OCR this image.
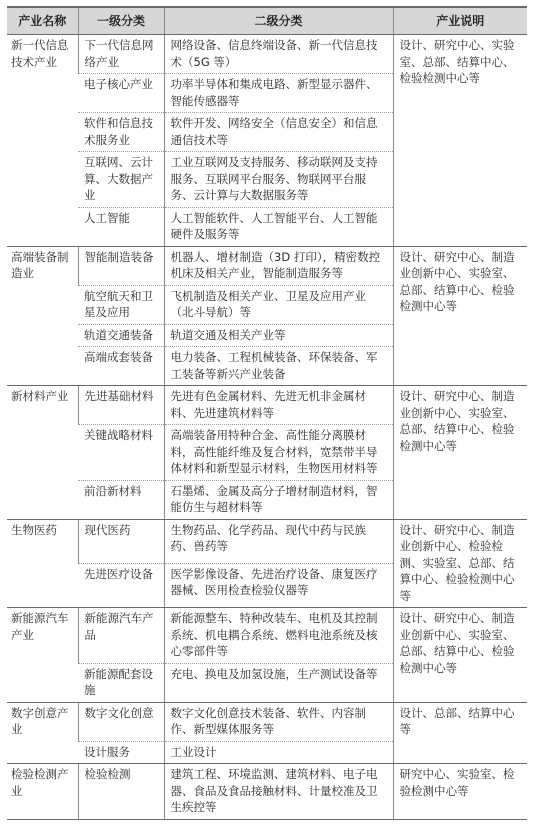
产业名称	一级分类	二级分类	产业说明
新一代信息技术产业	下一代信息网络产业	网络设备、信息终端设备、新一代信息技术（5G 等）	设计、研究中心、实验室、总部、结算中心、检验检测中心等
	电子核心产业	功率半导体和集成电路、新型显示器件、智能传感器等	
	软件和信息技术服务业	软件开发、网络安全（信息安全）和信息通信技术等	
	互联网、云计算、大数据产业	工业互联网及支持服务、移动联网及支持服务、互联网平台服务、物联网平台服务、云计算与大数据服务等	
	人工智能	人工智能软件、人工智能平台、人工智能硬件及服务等	
高端装备制造业	智能制造装备	机器人、增材制造（3D 打印），精密数控机床及相关产业，智能制造服务等	设计、研究中心、制造业创新中心、实验室、总部、结算中心、检验检测中心等
	航空航天和卫星及应用	飞机制造及相关产业、卫星及应用产业（北斗导航）等	
	轨道交通装备	轨道交通及相关产业等	
	高端成套装备	电力装备、工程机械装备、环保装备、军工装备等新兴产业装备	
新材料产业	先进基础材料	先进有色金属材料、先进无机非金属材料、先进建筑材料等	设计、研究中心、制造业创新中心、实验室、总部、结算中心、检验检测中心等
	关键战略材料	高端装备用特种合金、高性能分离膜材料，高性能纤维及复合材料，宽禁带半导体材料和新型显示材料，生物医用材料等	
	前沿新材料	石墨烯、金属及高分子增材制造材料，智能仿生与超材料等	
生物医药	现代医药	生物药品、化学药品、现代中药与民族药、兽药等	设计、研究中心、制造业创新中心、检验检测、实验室、总部、结算中心、检验检测中心等
	先进医疗设备	医学影像设备、先进治疗设备、康复医疗器械、医用检查检验仪器等	
新能源汽车产业	新能源汽车产品	新能源整车、特种改装车、电机及其控制系统、机电耦合系统、燃料电池系统及核心零部件等	设计、研究中心、制造业创新中心、实验室、总部、结算中心、检验检测中心等
	新能源配套设施	充电、换电及加氢设施，生产测试设备等	
数字创意产业	数字文化创意	数字文化创意技术装备、软件、内容制作、新型媒体服务等	设计、总部、结算中心等
	设计服务	工业设计	
检验检测产业	检验检测	建筑工程、环境监测、建筑材料、电子电器、食品及食品接触材料、计量校准及卫生疾控等	研究中心、实验室、检验检测中心等
